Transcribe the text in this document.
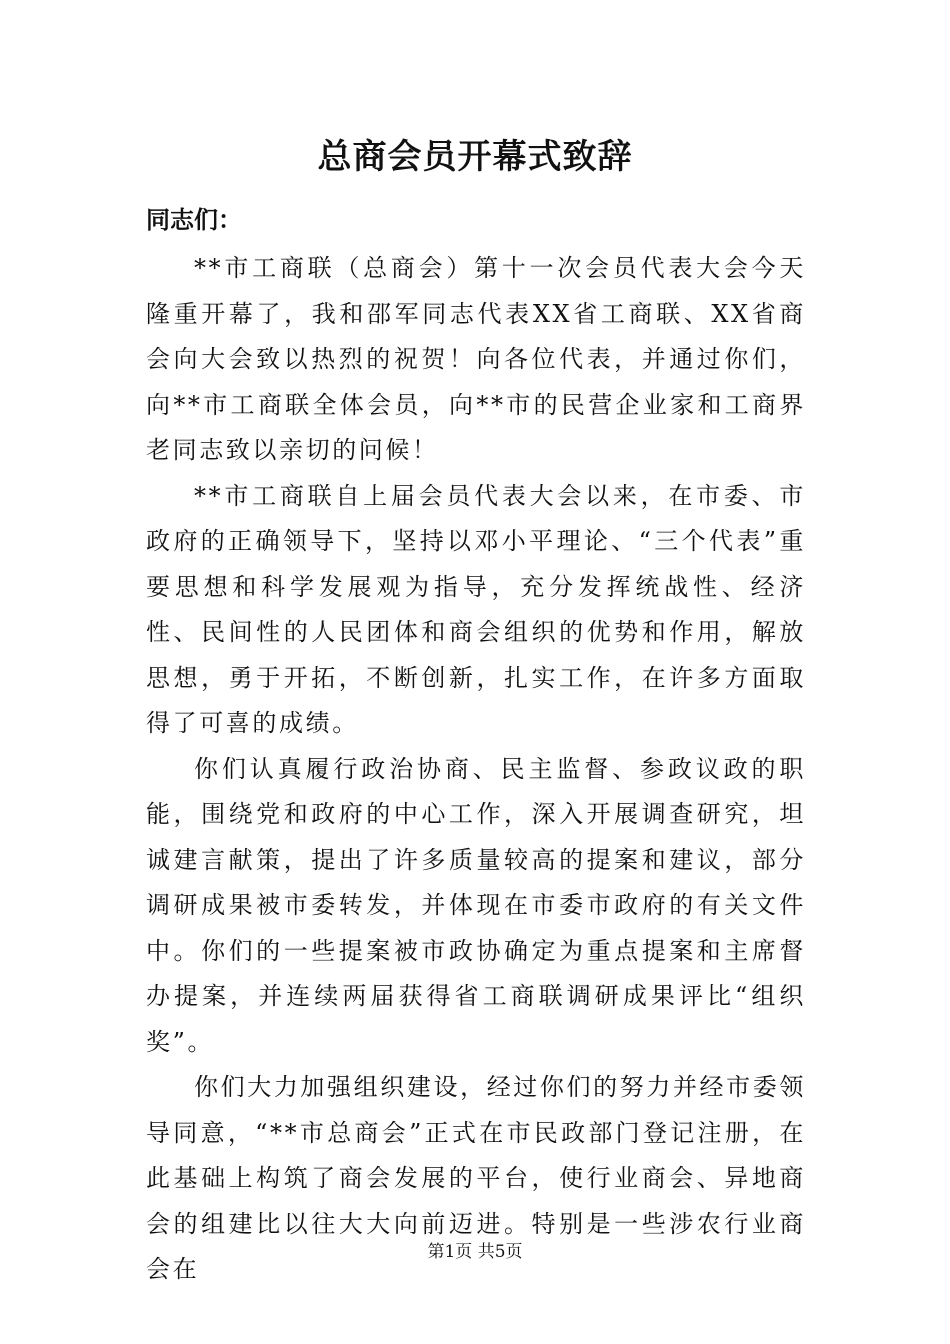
总商会员开幕式致辞
同志们：

**市工商联（总商会）第十一次会员代表大会今天隆重开幕了，我和邵军同志代表XX省工商联、XX省商会向大会致以热烈的祝贺！向各位代表，并通过你们，向**市工商联全体会员，向**市的民营企业家和工商界老同志致以亲切的问候！

**市工商联自上届会员代表大会以来，在市委、市政府的正确领导下，坚持以邓小平理论、“三个代表”重要思想和科学发展观为指导，充分发挥统战性、经济性、民间性的人民团体和商会组织的优势和作用，解放思想，勇于开拓，不断创新，扎实工作，在许多方面取得了可喜的成绩。

你们认真履行政治协商、民主监督、参政议政的职能，围绕党和政府的中心工作，深入开展调查研究，坦诚建言献策，提出了许多质量较高的提案和建议，部分调研成果被市委转发，并体现在市委市政府的有关文件中。你们的一些提案被市政协确定为重点提案和主席督办提案，并连续两届获得省工商联调研成果评比“组织奖”。

你们大力加强组织建设，经过你们的努力并经市委领导同意，“**市总商会”正式在市民政部门登记注册，在此基础上构筑了商会发展的平台，使行业商会、异地商会的组建比以往大大向前迈进。特别是一些涉农行业商会在

第1页 共5页
